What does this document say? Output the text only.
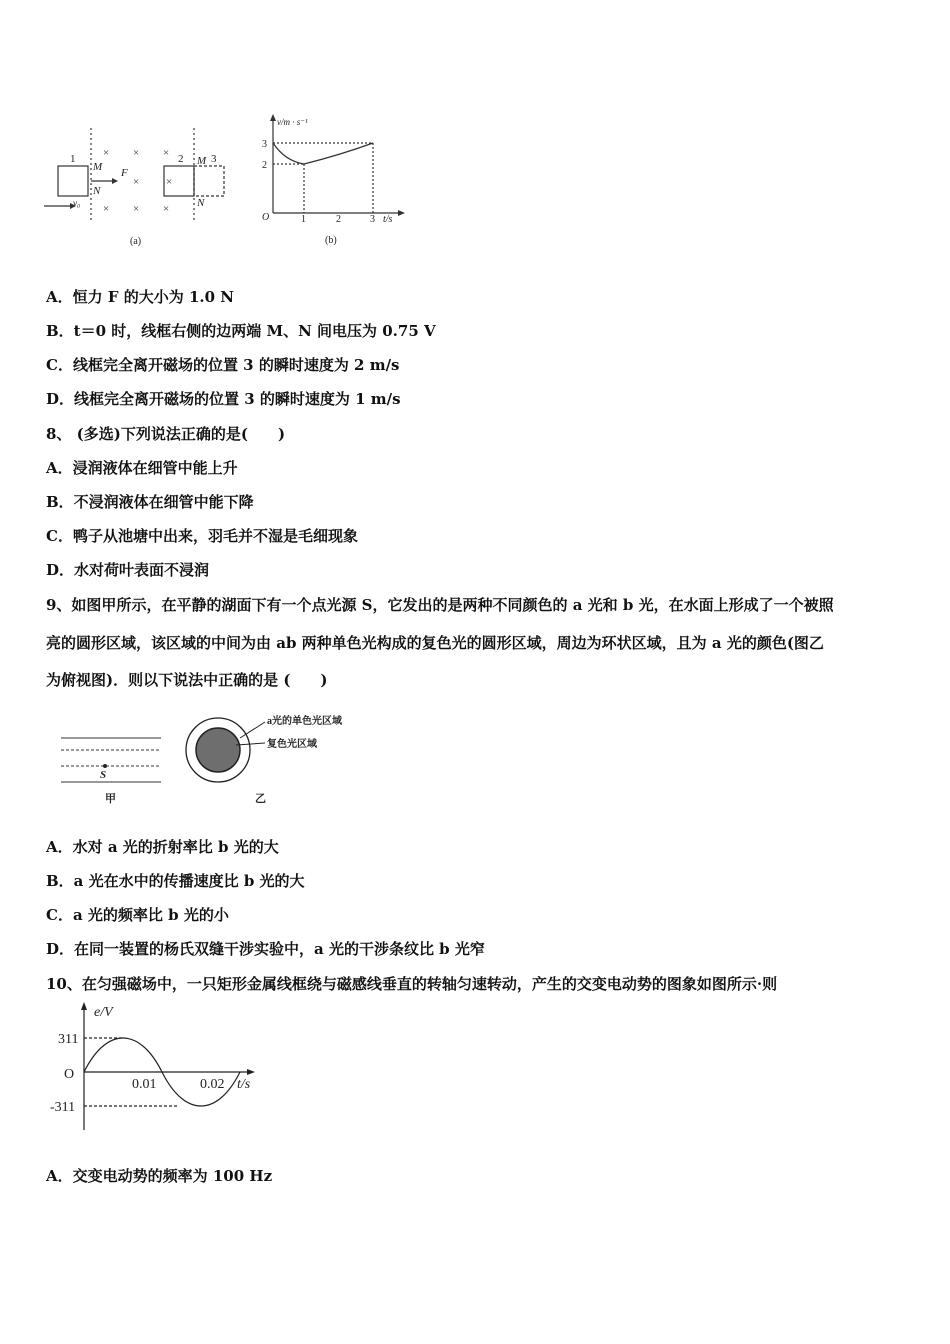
× × ×
× ×
× × ×
1	2	3
M	M
N
N
F
v₀
(a)
v/m · s⁻¹
3
2
O	1	2	3 t/s
(b)
A．恒力 F 的大小为 1.0 N
B．t＝0 时，线框右侧的边两端 M、N 间电压为 0.75 V
C．线框完全离开磁场的位置 3 的瞬时速度为 2 m/s
D．线框完全离开磁场的位置 3 的瞬时速度为 1 m/s
8、 (多选)下列说法正确的是(　　)
A．浸润液体在细管中能上升
B．不浸润液体在细管中能下降
C．鸭子从池塘中出来，羽毛并不湿是毛细现象
D．水对荷叶表面不浸润
9、如图甲所示，在平静的湖面下有一个点光源 S，它发出的是两种不同颜色的 a 光和 b 光，在水面上形成了一个被照
亮的圆形区域，该区域的中间为由 ab 两种单色光构成的复色光的圆形区域，周边为环状区域，且为 a 光的颜色(图乙
为俯视图)．则以下说法中正确的是 (　　)
S
甲	乙
a光的单色光区域
复色光区域
A．水对 a 光的折射率比 b 光的大
B．a 光在水中的传播速度比 b 光的大
C．a 光的频率比 b 光的小
D．在同一装置的杨氏双缝干涉实验中，a 光的干涉条纹比 b 光窄
10、在匀强磁场中，一只矩形金属线框绕与磁感线垂直的转轴匀速转动，产生的交变电动势的图象如图所示·则
e/V
311
O
-311
0.01	0.02 t/s
A．交变电动势的频率为 100 Hz
